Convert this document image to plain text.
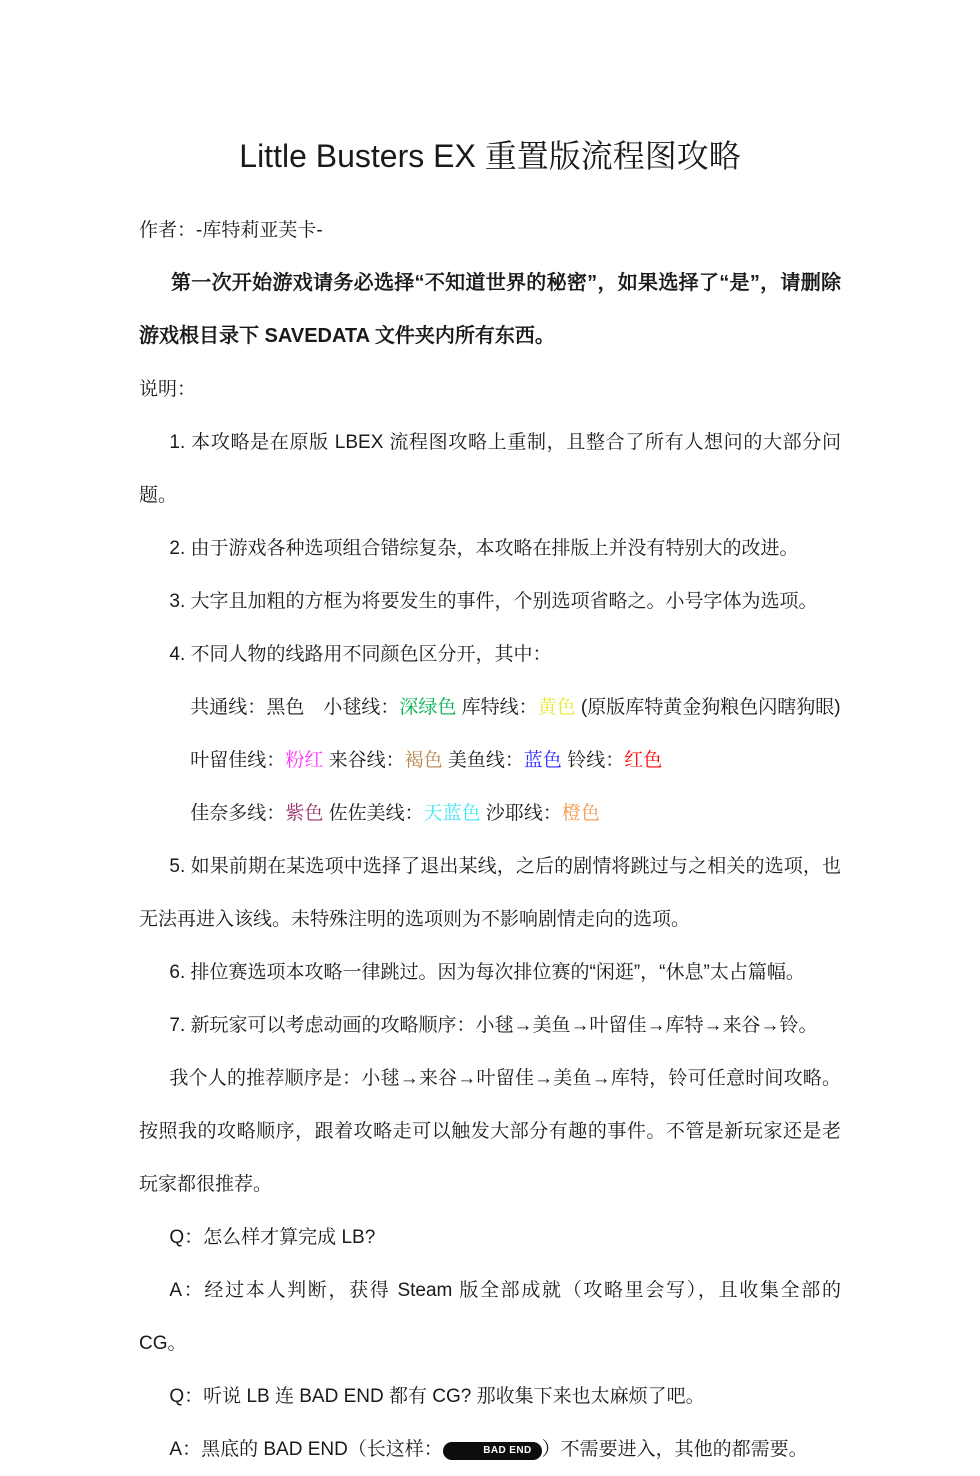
Little Busters EX 重置版流程图攻略

作者：-库特莉亚芙卡-

第一次开始游戏请务必选择“不知道世界的秘密”，如果选择了“是”，请删除游戏根目录下 SAVEDATA 文件夹内所有东西。

说明：

1. 本攻略是在原版 LBEX 流程图攻略上重制，且整合了所有人想问的大部分问题。

2. 由于游戏各种选项组合错综复杂，本攻略在排版上并没有特别大的改进。

3. 大字且加粗的方框为将要发生的事件，个别选项省略之。小号字体为选项。

4. 不同人物的线路用不同颜色区分开，其中：

共通线：黑色　小毬线：深绿色 库特线：黄色 (原版库特黄金狗粮色闪瞎狗眼)

叶留佳线：粉红 来谷线：褐色 美鱼线：蓝色 铃线：红色

佳奈多线：紫色 佐佐美线：天蓝色 沙耶线：橙色

5. 如果前期在某选项中选择了退出某线，之后的剧情将跳过与之相关的选项，也无法再进入该线。未特殊注明的选项则为不影响剧情走向的选项。

6. 排位赛选项本攻略一律跳过。因为每次排位赛的“闲逛”，“休息”太占篇幅。

7. 新玩家可以考虑动画的攻略顺序：小毬→美鱼→叶留佳→库特→来谷→铃。

我个人的推荐顺序是：小毬→来谷→叶留佳→美鱼→库特，铃可任意时间攻略。按照我的攻略顺序，跟着攻略走可以触发大部分有趣的事件。不管是新玩家还是老玩家都很推荐。

Q：怎么样才算完成 LB?

A：经过本人判断，获得 Steam 版全部成就（攻略里会写），且收集全部的 CG。

Q：听说 LB 连 BAD END 都有 CG? 那收集下来也太麻烦了吧。

A：黑底的 BAD END（长这样：	BAD END ）不需要进入，其他的都需要。
